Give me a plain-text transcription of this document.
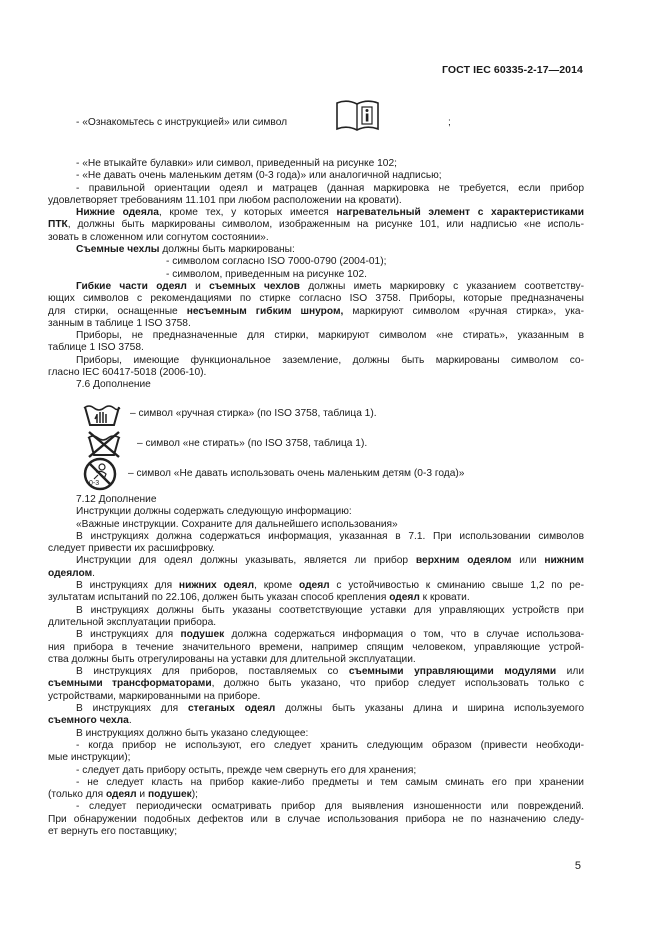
ГОСТ IEC 60335-2-17—2014
- «Ознакомьтесь с инструкцией» или символ	;
- «Не втыкайте булавки» или символ, приведенный на рисунке 102;
- «Не давать очень маленьким детям (0-3 года)» или аналогичной надписью;
- правильной ориентации одеял и матрацев (данная маркировка не требуется, если прибор
удовлетворяет требованиям 11.101 при любом расположении на кровати).
Нижние одеяла, кроме тех, у которых имеется нагревательный элемент с характеристиками
ПТК, должны быть маркированы символом, изображенным на рисунке 101, или надписью «не исполь-
зовать в сложенном или согнутом состоянии».
Съемные чехлы должны быть маркированы:
- символом согласно ISO 7000-0790 (2004-01);
- символом, приведенным на рисунке 102.
Гибкие части одеял и съемных чехлов должны иметь маркировку с указанием соответству-
ющих символов с рекомендациями по стирке согласно ISO 3758. Приборы, которые предназначены
для стирки, оснащенные несъемным гибким шнуром, маркируют символом «ручная стирка», ука-
занным в таблице 1 ISO 3758.
Приборы, не предназначенные для стирки, маркируют символом «не стирать», указанным в
таблице 1 ISO 3758.
Приборы, имеющие функциональное заземление, должны быть маркированы символом со-
гласно IEC 60417-5018 (2006-10).
7.6 Дополнение
– символ «ручная стирка» (по ISO 3758, таблица 1).
– символ «не стирать» (по ISO 3758, таблица 1).
0-3
– символ «Не давать использовать очень маленьким детям (0-3 года)»
7.12 Дополнение
Инструкции должны содержать следующую информацию:
«Важные инструкции. Сохраните для дальнейшего использования»
В инструкциях должна содержаться информация, указанная в 7.1. При использовании символов
следует привести их расшифровку.
Инструкции для одеял должны указывать, является ли прибор верхним одеялом или нижним
одеялом.
В инструкциях для нижних одеял, кроме одеял с устойчивостью к сминанию свыше 1,2 по ре-
зультатам испытаний по 22.106, должен быть указан способ крепления одеял к кровати.
В инструкциях должны быть указаны соответствующие уставки для управляющих устройств при
длительной эксплуатации прибора.
В инструкциях для подушек должна содержаться информация о том, что в случае использова-
ния прибора в течение значительного времени, например спящим человеком, управляющие устрой-
ства должны быть отрегулированы на уставки для длительной эксплуатации.
В инструкциях для приборов, поставляемых со съемными управляющими модулями или
съемными трансформаторами, должно быть указано, что прибор следует использовать только с
устройствами, маркированными на приборе.
В инструкциях для стеганых одеял должны быть указаны длина и ширина используемого
съемного чехла.
В инструкциях должно быть указано следующее:
- когда прибор не используют, его следует хранить следующим образом (привести необходи-
мые инструкции);
- следует дать прибору остыть, прежде чем свернуть его для хранения;
- не следует класть на прибор какие-либо предметы и тем самым сминать его при хранении
(только для одеял и подушек);
- следует периодически осматривать прибор для выявления изношенности или повреждений.
При обнаружении подобных дефектов или в случае использования прибора не по назначению следу-
ет вернуть его поставщику;
5
